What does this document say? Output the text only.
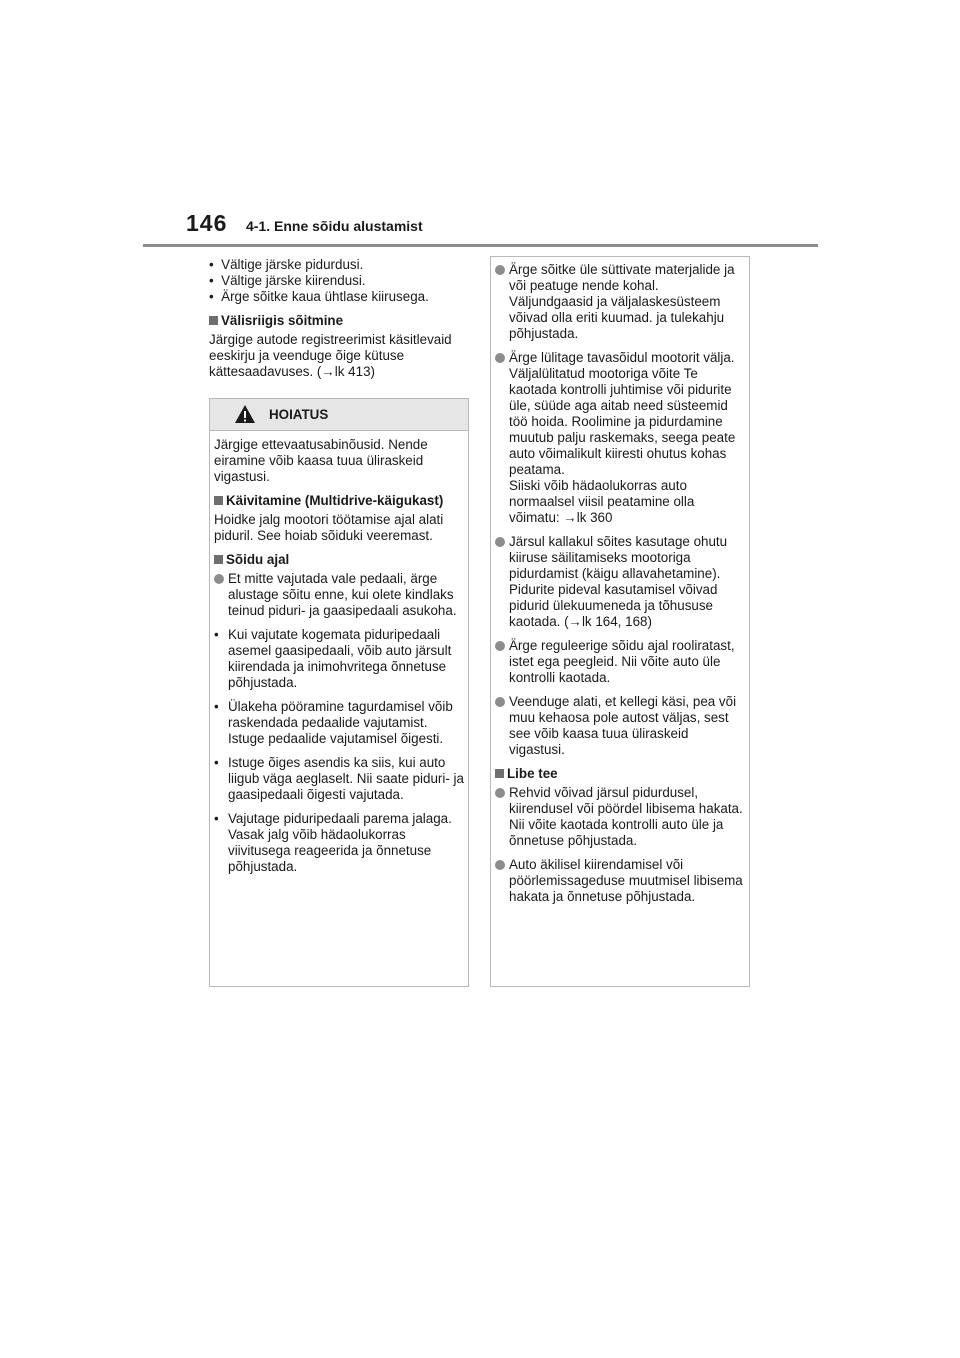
146 4-1. Enne sõidu alustamist
•  Vältige järske pidurdusi.
•  Vältige järske kiirendusi.
•  Ärge sõitke kaua ühtlase kiirusega.
Välisriigis sõitmine
Järgige autode registreerimist käsitlevaid eeskirju ja veenduge õige kütuse kättesaadavuses. (→lk 413)
HOIATUS
Järgige ettevaatusabinõusid. Nende eiramine võib kaasa tuua üliraskeid vigastusi.
Käivitamine (Multidrive-käigukast)
Hoidke jalg mootori töötamise ajal alati piduril. See hoiab sõiduki veeremast.
Sõidu ajal
Et mitte vajutada vale pedaali, ärge alustage sõitu enne, kui olete kindlaks teinud piduri- ja gaasipedaali asukoha.
• Kui vajutate kogemata piduripedaali asemel gaasipedaali, võib auto järsult kiirendada ja inimohvritega õnnetuse põhjustada.
• Ülakeha pööramine tagurdamisel võib raskendada pedaalide vajutamist. Istuge pedaalide vajutamisel õigesti.
• Istuge õiges asendis ka siis, kui auto liigub väga aeglaselt. Nii saate piduri- ja gaasipedaali õigesti vajutada.
• Vajutage piduripedaali parema jalaga. Vasak jalg võib hädaolukorras viivitusega reageerida ja õnnetuse põhjustada.
Ärge sõitke üle süttivate materjalide ja või peatuge nende kohal. Väljundgaasid ja väljalaskesüsteem võivad olla eriti kuumad. ja tulekahju põhjustada.
Ärge lülitage tavasõidul mootorit välja. Väljalülitatud mootoriga võite Te kaotada kontrolli juhtimise või pidurite üle, süüde aga aitab need süsteemid töö hoida. Roolimine ja pidurdamine muutub palju raskemaks, seega peate auto võimalikult kiiresti ohutus kohas peatama.
Siiski võib hädaolukorras auto normaalsel viisil peatamine olla võimatu: →lk 360
Järsul kallakul sõites kasutage ohutu kiiruse säilitamiseks mootoriga pidurdamist (käigu allavahetamine).
Pidurite pideval kasutamisel võivad pidurid ülekuumeneda ja tõhususe kaotada. (→lk 164, 168)
Ärge reguleerige sõidu ajal rooliratast, istet ega peegleid. Nii võite auto üle kontrolli kaotada.
Veenduge alati, et kellegi käsi, pea või muu kehaosa pole autost väljas, sest see võib kaasa tuua üliraskeid vigastusi.
Libe tee
Rehvid võivad järsul pidurdusel, kiirendusel või pöördel libisema hakata. Nii võite kaotada kontrolli auto üle ja õnnetuse põhjustada.
Auto äkilisel kiirendamisel või pöörlemissageduse muutmisel libisema hakata ja õnnetuse põhjustada.
